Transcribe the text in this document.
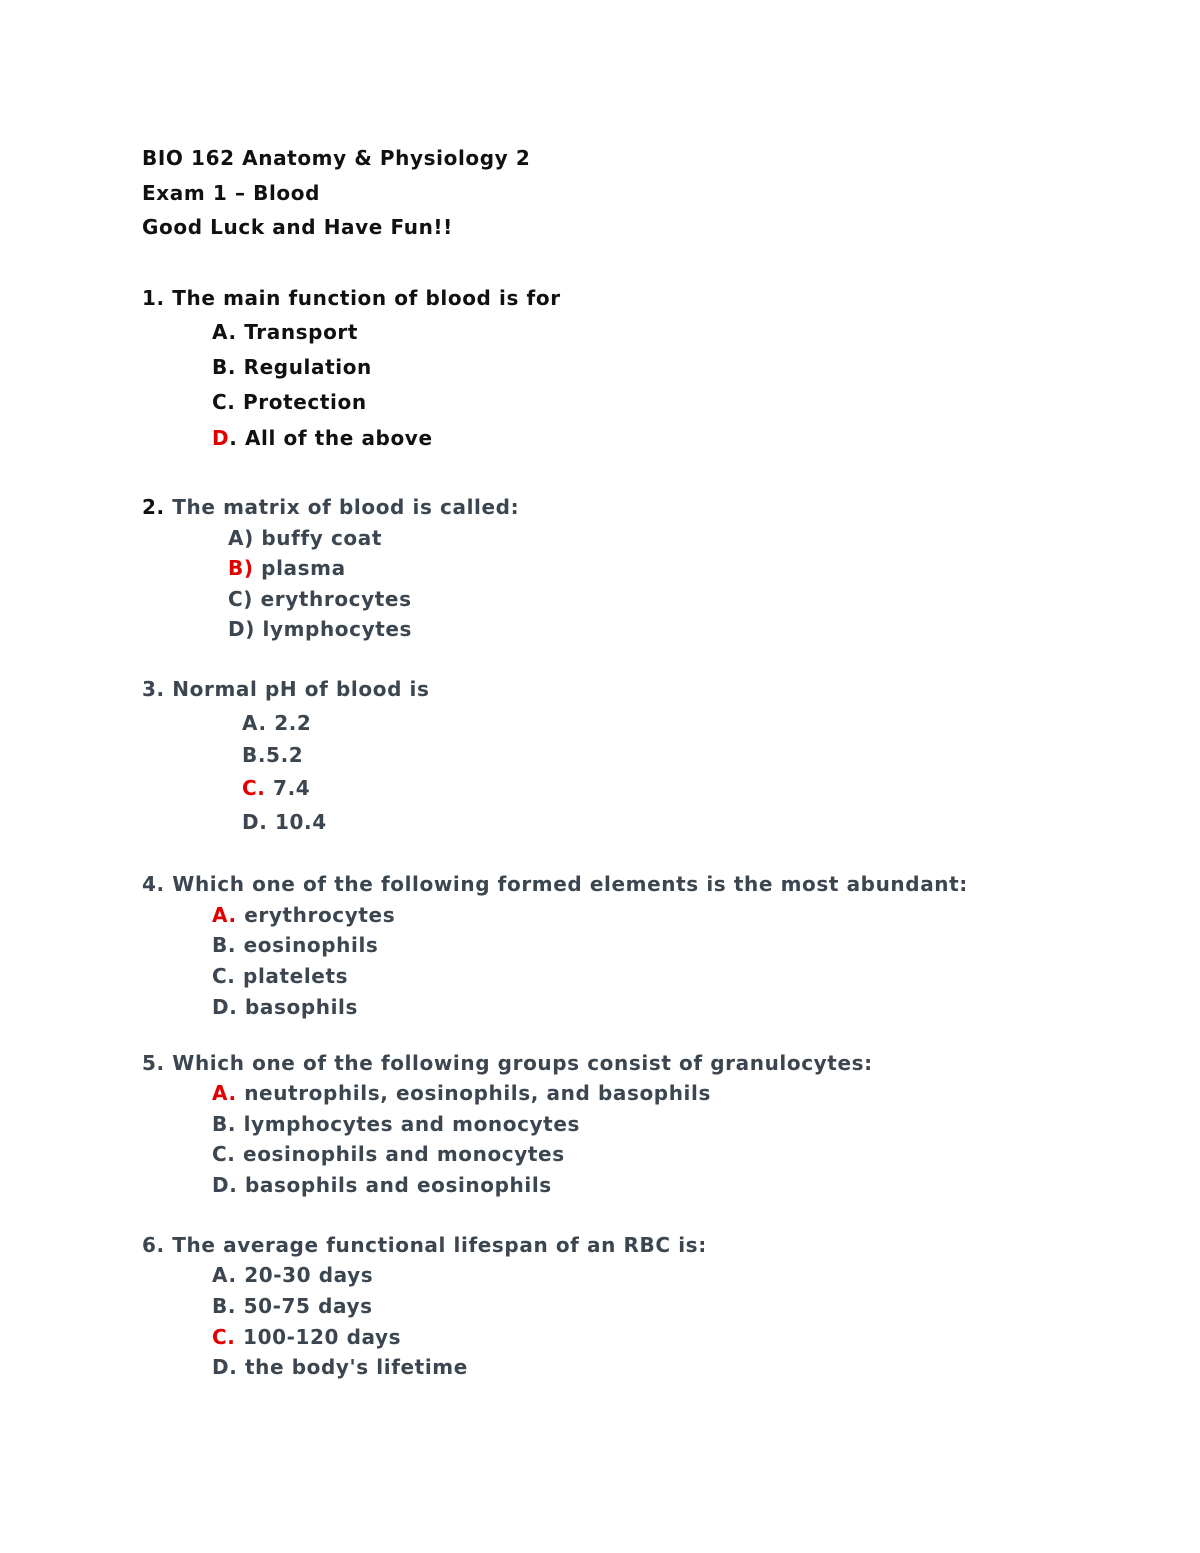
BIO 162 Anatomy & Physiology 2
Exam 1 – Blood
Good Luck and Have Fun!!
1. The main function of blood is for
A. Transport
B. Regulation
C. Protection
D. All of the above
2. The matrix of blood is called:
A) buffy coat
B) plasma
C) erythrocytes
D) lymphocytes
3. Normal pH of blood is
A. 2.2
B.5.2
C. 7.4
D. 10.4
4. Which one of the following formed elements is the most abundant:
A. erythrocytes
B. eosinophils
C. platelets
D. basophils
5. Which one of the following groups consist of granulocytes:
A. neutrophils, eosinophils, and basophils
B. lymphocytes and monocytes
C. eosinophils and monocytes
D. basophils and eosinophils
6. The average functional lifespan of an RBC is:
A. 20-30 days
B. 50-75 days
C. 100-120 days
D. the body's lifetime
